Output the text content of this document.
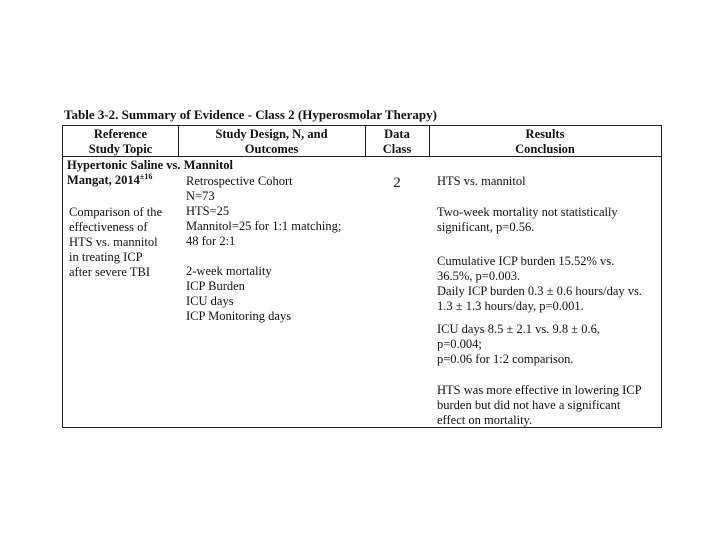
Table 3-2. Summary of Evidence - Class 2 (Hyperosmolar Therapy)
Reference
Study Topic
Study Design, N, and
Outcomes
Data
Class
Results
Conclusion
Hypertonic Saline vs. Mannitol
Mangat, $2014^{\pm 16}$
Comparison of the
effectiveness of
HTS vs. mannitol
in treating ICP
after severe TBI
Retrospective Cohort
N=73
HTS=25
Mannitol=25 for 1:1 matching;
48 for 2:1
2-week mortality
ICP Burden
ICU days
ICP Monitoring days
2	HTS vs. mannitol
Two-week mortality not statistically
significant, p=0.56.
Cumulative ICP burden 15.52% vs.
36.5%, p=0.003.
Daily ICP burden 0.3 ± 0.6 hours/day vs.
1.3 ± 1.3 hours/day, p=0.001.
ICU days 8.5 ± 2.1 vs. 9.8 ± 0.6,
p=0.004;
p=0.06 for 1:2 comparison.
HTS was more effective in lowering ICP
burden but did not have a significant
effect on mortality.
